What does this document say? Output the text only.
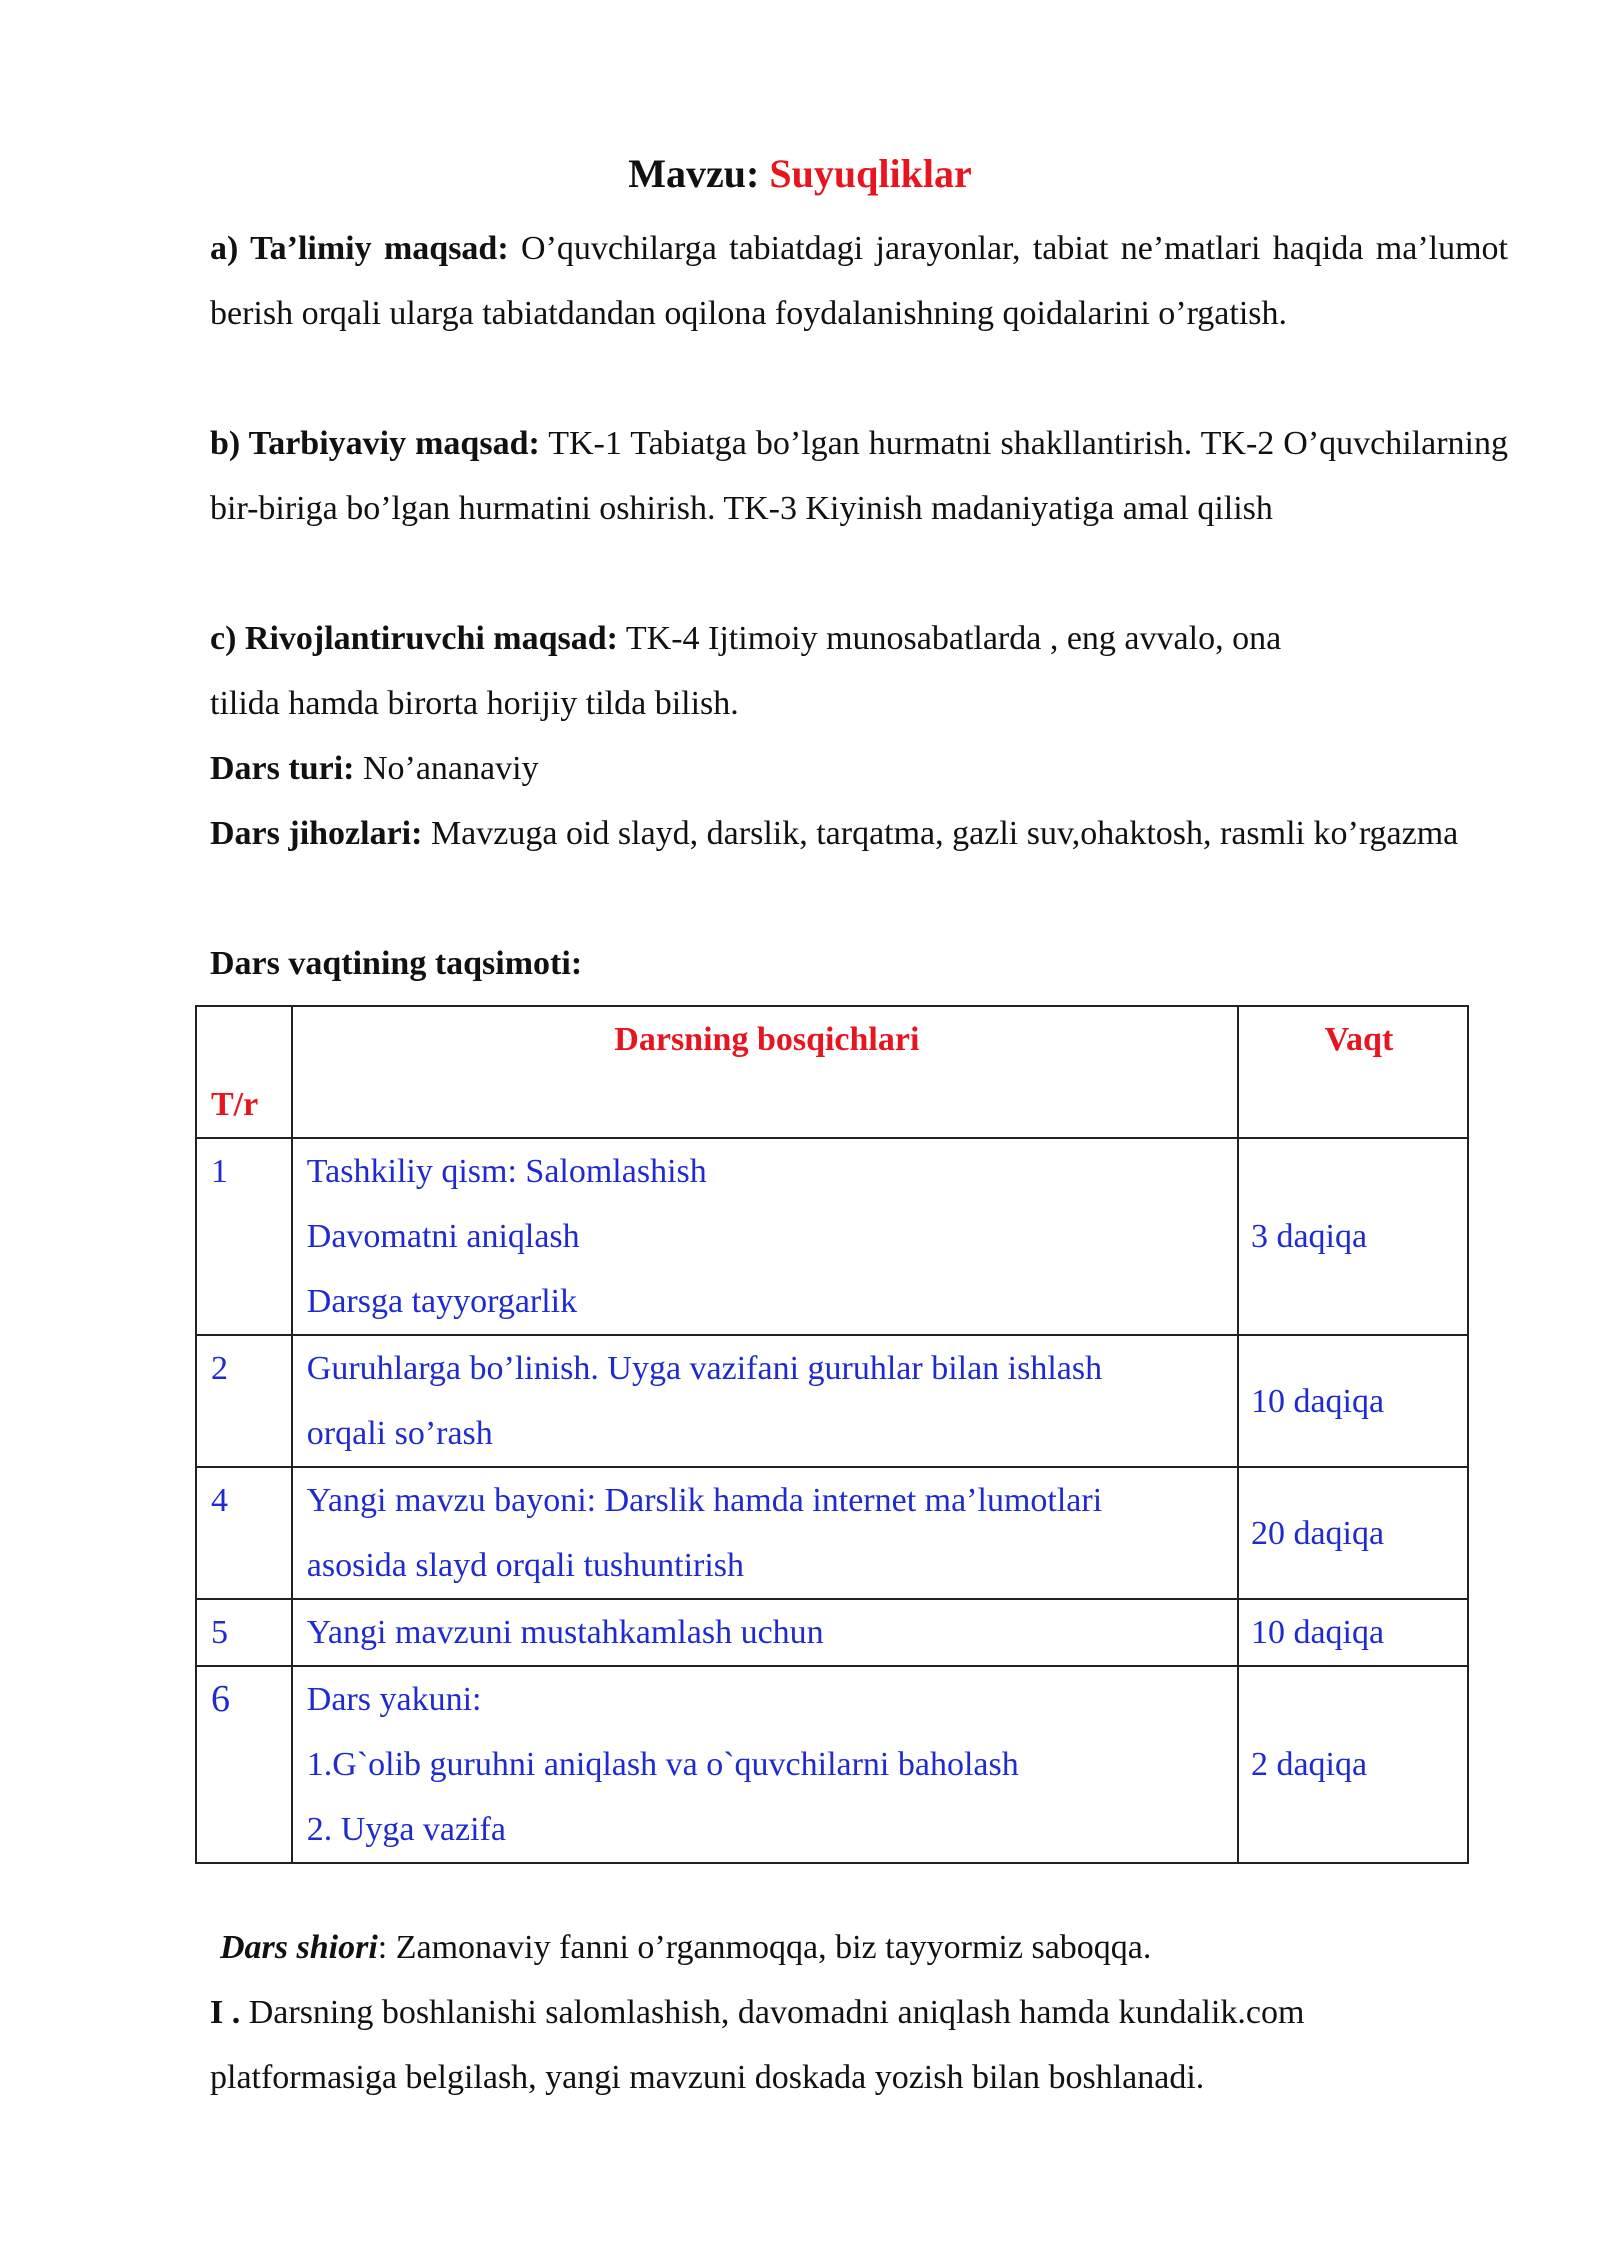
Mavzu: Suyuqliklar
a) Ta’limiy maqsad: O’quvchilarga tabiatdagi jarayonlar, tabiat ne’matlari haqida ma’lumot berish orqali ularga tabiatdandan oqilona foydalanishning qoidalarini o’rgatish.
b) Tarbiyaviy maqsad: TK-1 Tabiatga bo’lgan hurmatni shakllantirish. TK-2 O’quvchilarning bir-biriga bo’lgan hurmatini oshirish. TK-3 Kiyinish madaniyatiga amal qilish
c) Rivojlantiruvchi maqsad: TK-4 Ijtimoiy munosabatlarda , eng avvalo, ona
tilida hamda birorta horijiy tilda bilish.
Dars turi: No’ananaviy
Dars jihozlari: Mavzuga oid slayd, darslik, tarqatma, gazli suv,ohaktosh, rasmli ko’rgazma
Dars vaqtining taqsimoti:
T/r	Darsning bosqichlari	Vaqt

1	Tashkiliy qism: Salomlashish
Davomatni aniqlash
Darsga tayyorgarlik	3 daqiqa
2	Guruhlarga bo’linish. Uyga vazifani guruhlar bilan ishlash
orqali so’rash	10 daqiqa
4	Yangi mavzu bayoni: Darslik hamda internet ma’lumotlari
asosida slayd orqali tushuntirish	20 daqiqa
5	Yangi mavzuni mustahkamlash uchun	10 daqiqa
6	Dars yakuni:
1.G`olib guruhni aniqlash va o`quvchilarni baholash
2. Uyga vazifa	2 daqiqa
Dars shiori: Zamonaviy fanni o’rganmoqqa, biz tayyormiz saboqqa.
I . Darsning boshlanishi salomlashish, davomadni aniqlash hamda kundalik.com
platformasiga belgilash, yangi mavzuni doskada yozish bilan boshlanadi.
